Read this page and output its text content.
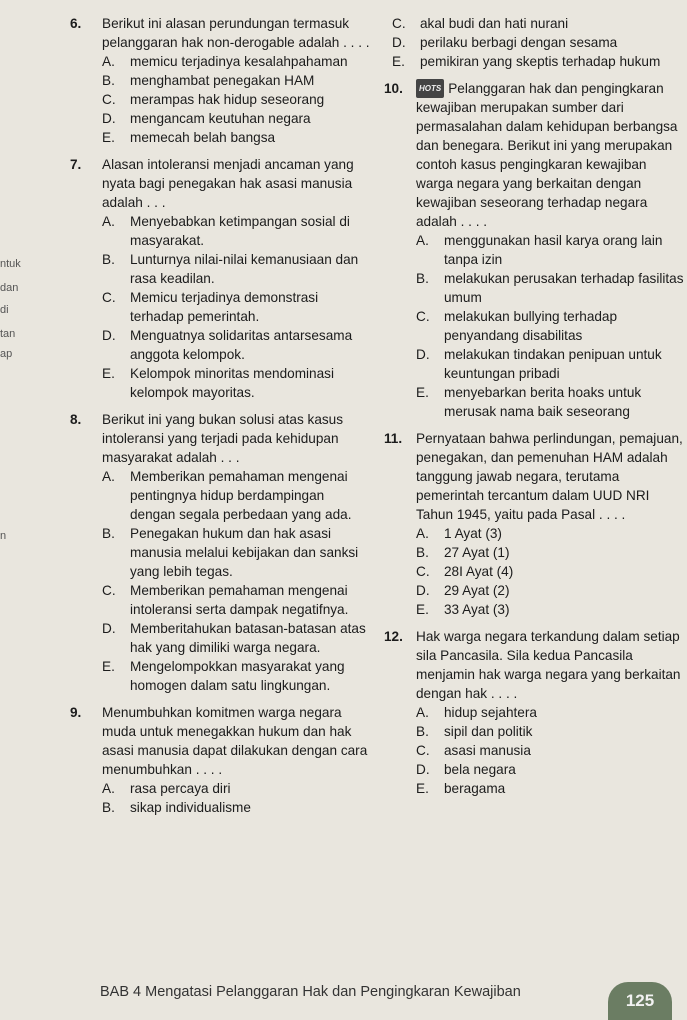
ntuk
dan
di
tan
ap
n
6. Berikut ini alasan perundungan termasuk pelanggaran hak non-derogable adalah . . . .
A. memicu terjadinya kesalahpahaman
B. menghambat penegakan HAM
C. merampas hak hidup seseorang
D. mengancam keutuhan negara
E. memecah belah bangsa
7. Alasan intoleransi menjadi ancaman yang nyata bagi penegakan hak asasi manusia adalah . . .
A. Menyebabkan ketimpangan sosial di masyarakat.
B. Lunturnya nilai-nilai kemanusiaan dan rasa keadilan.
C. Memicu terjadinya demonstrasi terhadap pemerintah.
D. Menguatnya solidaritas antarsesama anggota kelompok.
E. Kelompok minoritas mendominasi kelompok mayoritas.
8. Berikut ini yang bukan solusi atas kasus intoleransi yang terjadi pada kehidupan masyarakat adalah . . .
A. Memberikan pemahaman mengenai pentingnya hidup berdampingan dengan segala perbedaan yang ada.
B. Penegakan hukum dan hak asasi manusia melalui kebijakan dan sanksi yang lebih tegas.
C. Memberikan pemahaman mengenai intoleransi serta dampak negatifnya.
D. Memberitahukan batasan-batasan atas hak yang dimiliki warga negara.
E. Mengelompokkan masyarakat yang homogen dalam satu lingkungan.
9. Menumbuhkan komitmen warga negara muda untuk menegakkan hukum dan hak asasi manusia dapat dilakukan dengan cara menumbuhkan . . . .
A. rasa percaya diri
B. sikap individualisme
C. akal budi dan hati nurani
D. perilaku berbagi dengan sesama
E. pemikiran yang skeptis terhadap hukum
10.	HOTS Pelanggaran hak dan pengingkaran kewajiban merupakan sumber dari permasalahan dalam kehidupan berbangsa dan benegara. Berikut ini yang merupakan contoh kasus pengingkaran kewajiban warga negara yang berkaitan dengan kewajiban seseorang terhadap negara adalah . . . .
A. menggunakan hasil karya orang lain tanpa izin
B. melakukan perusakan terhadap fasilitas umum
C. melakukan bullying terhadap penyandang disabilitas
D. melakukan tindakan penipuan untuk keuntungan pribadi
E. menyebarkan berita hoaks untuk merusak nama baik seseorang
11. Pernyataan bahwa perlindungan, pemajuan, penegakan, dan pemenuhan HAM adalah tanggung jawab negara, terutama pemerintah tercantum dalam UUD NRI Tahun 1945, yaitu pada Pasal . . . .
A. 1 Ayat (3)
B. 27 Ayat (1)
C. 28I Ayat (4)
D. 29 Ayat (2)
E. 33 Ayat (3)
12. Hak warga negara terkandung dalam setiap sila Pancasila. Sila kedua Pancasila menjamin hak warga negara yang berkaitan dengan hak . . . .
A. hidup sejahtera
B. sipil dan politik
C. asasi manusia
D. bela negara
E. beragama
BAB 4 Mengatasi Pelanggaran Hak dan Pengingkaran Kewajiban	125
